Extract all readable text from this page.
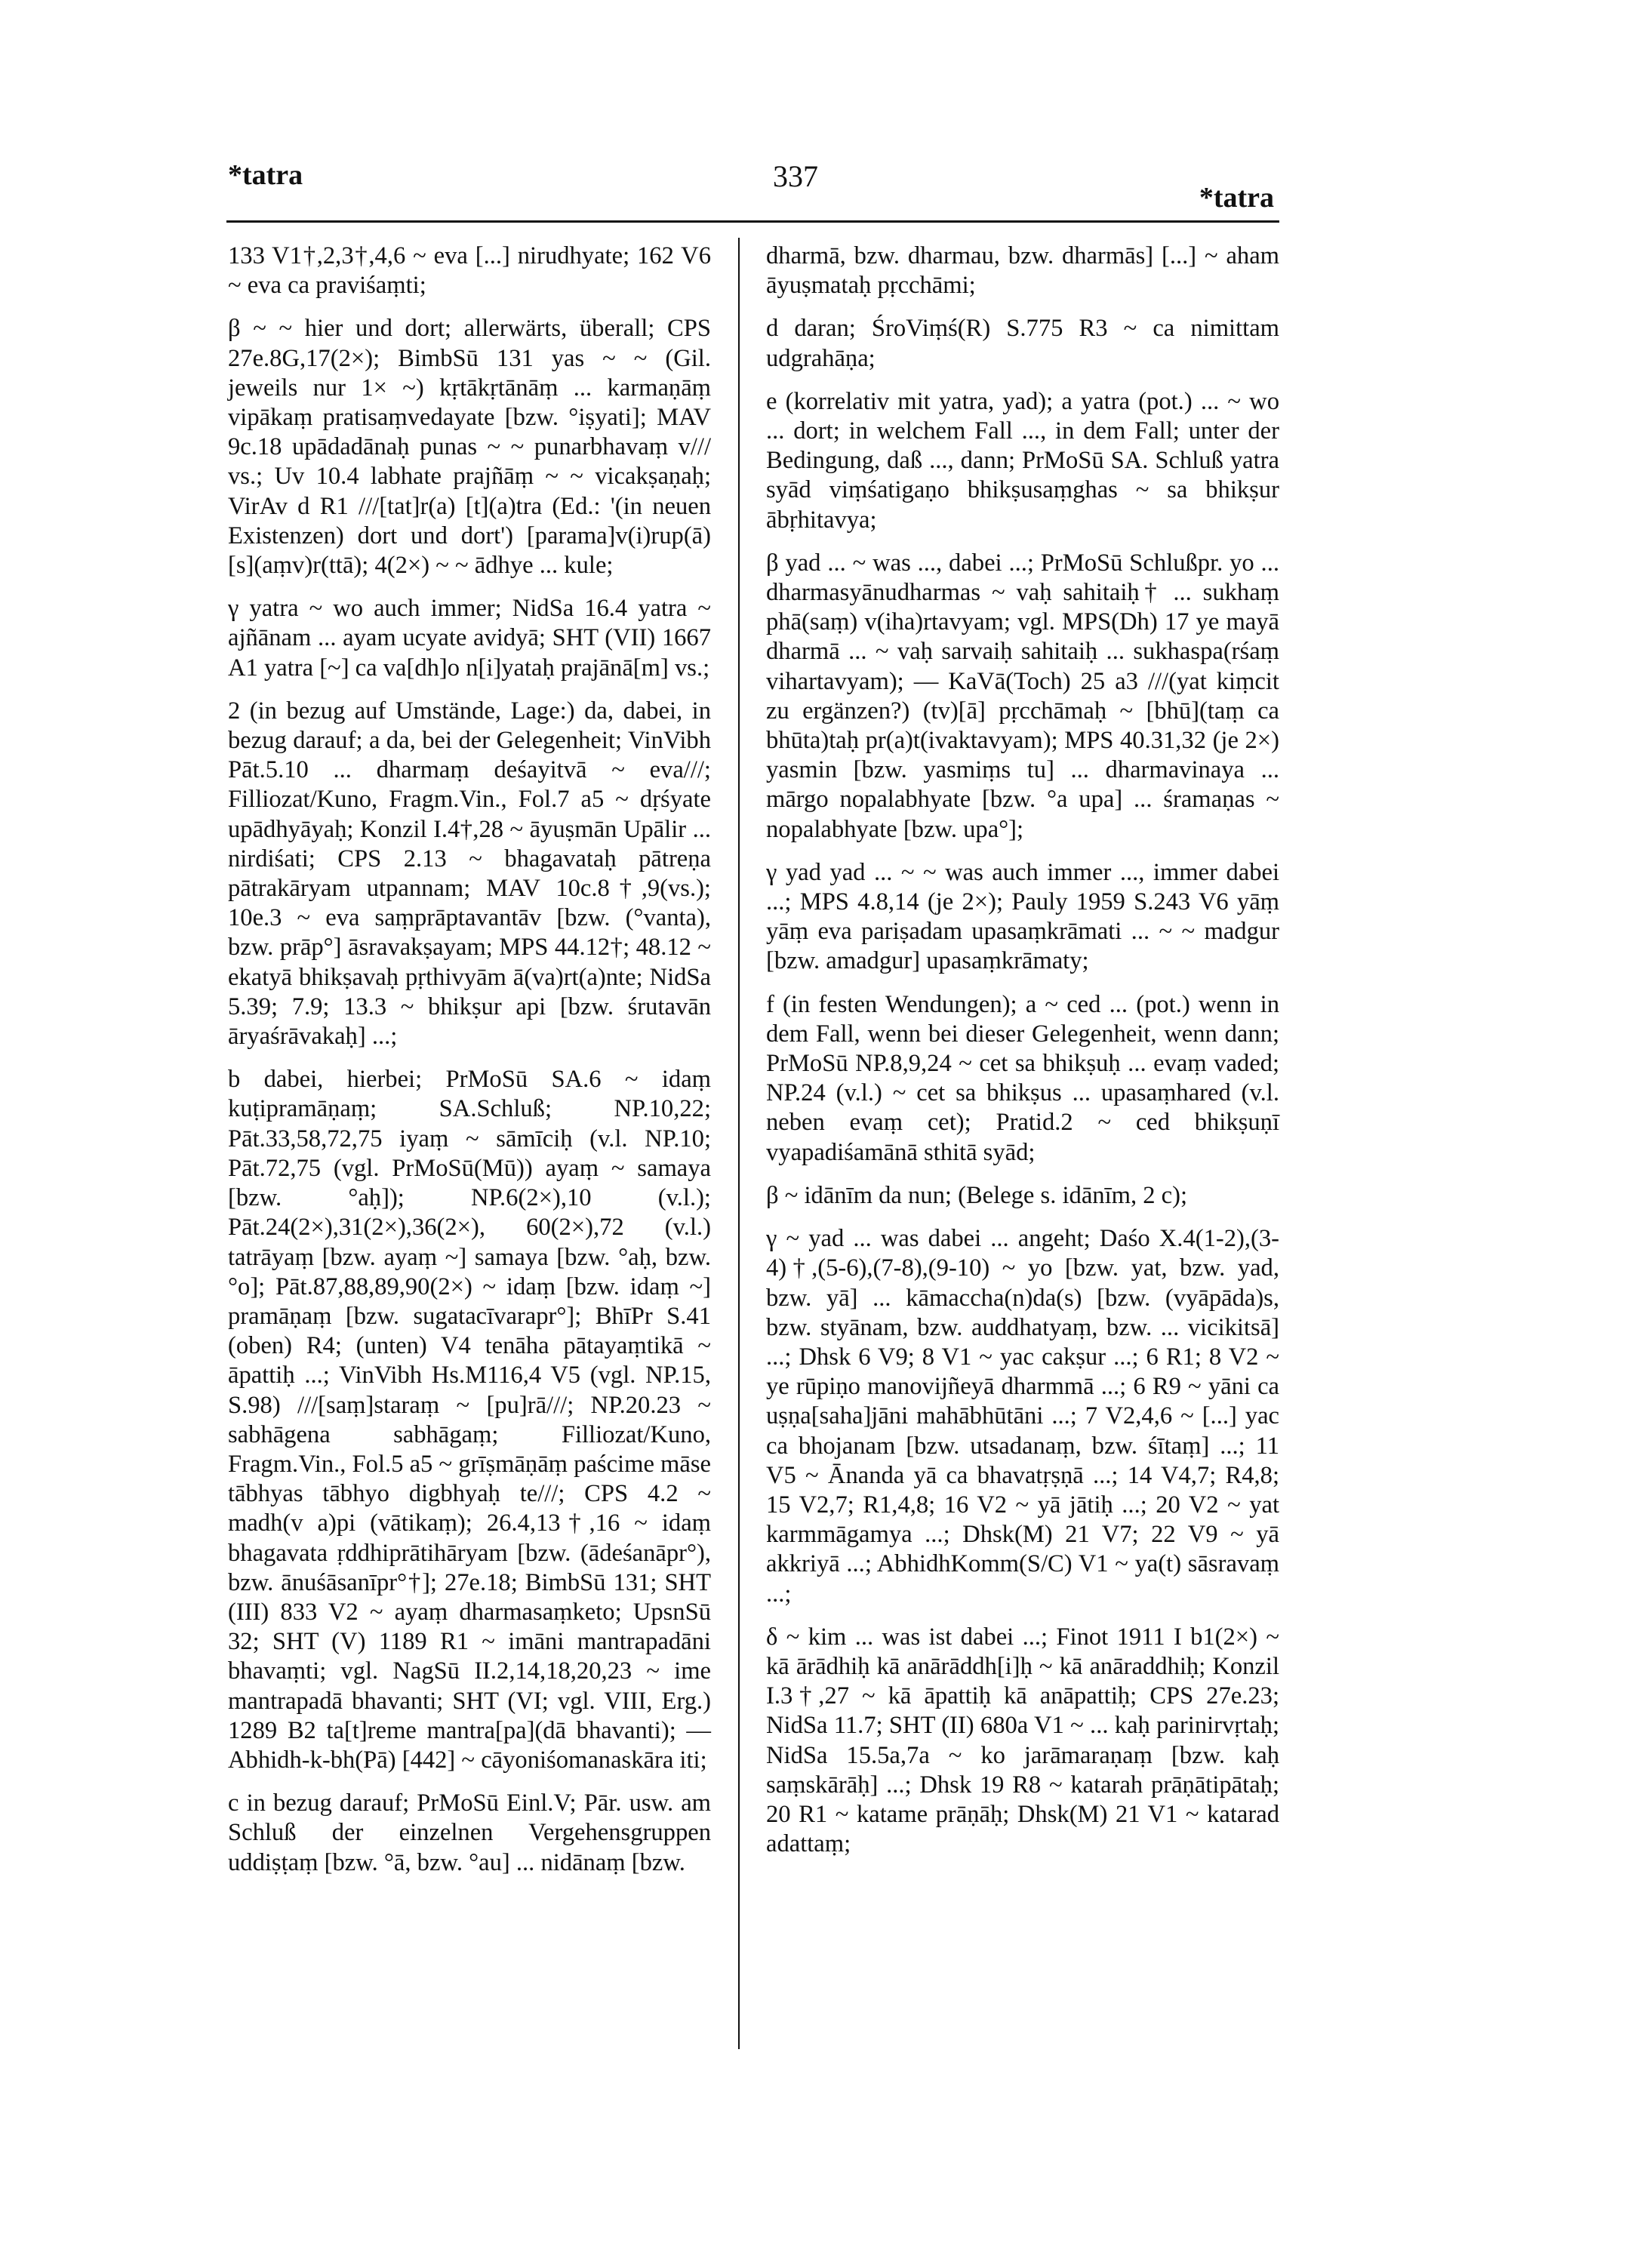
*tatra	337
*tatra

133 V1†,2,3†,4,6 ~ eva [...] nirudhyate; 162 V6 ~ eva ca praviśaṃti;

β ~ ~ hier und dort; allerwärts, überall; CPS 27e.8G,17(2×); BimbSū 131 yas ~ ~ (Gil. jeweils nur 1× ~) kṛtākṛtānāṃ ... karmaṇāṃ vipākaṃ pratisaṃvedayate [bzw. °iṣyati]; MAV 9c.18 upādadānaḥ punas ~ ~ punarbhavaṃ v/// vs.; Uv 10.4 labhate prajñāṃ ~ ~ vicakṣaṇaḥ; VirAv d R1 ///[tat]r(a) [t](a)tra (Ed.: '(in neuen Existenzen) dort und dort') [parama]v(i)rup(ā) [s](aṃv)r(ttā); 4(2×) ~ ~ ādhye ... kule;

γ yatra ~ wo auch immer; NidSa 16.4 yatra ~ ajñānam ... ayam ucyate avidyā; SHT (VII) 1667 A1 yatra [~] ca va[dh]o n[i]yataḥ prajānā[m] vs.;

2 (in bezug auf Umstände, Lage:) da, dabei, in bezug darauf; a da, bei der Gelegenheit; VinVibh Pāt.5.10 ... dharmaṃ deśayitvā ~ eva///; Filliozat/Kuno, Fragm.Vin., Fol.7 a5 ~ dṛśyate upādhyāyaḥ; Konzil I.4†,28 ~ āyuṣmān Upālir ... nirdiśati; CPS 2.13 ~ bhagavataḥ pātreṇa pātrakāryam utpannam; MAV 10c.8†,9(vs.); 10e.3 ~ eva saṃprāptavantāv [bzw. (°vanta), bzw. prāp°] āsravakṣayam; MPS 44.12†; 48.12 ~ ekatyā bhikṣavaḥ pṛthivyām ā(va)rt(a)nte; NidSa 5.39; 7.9; 13.3 ~ bhikṣur api [bzw. śrutavān āryaśrāvakaḥ] ...;

b dabei, hierbei; PrMoSū SA.6 ~ idaṃ kuṭipramāṇaṃ; SA.Schluß; NP.10,22; Pāt.33,58,72,75 iyaṃ ~ sāmīciḥ (v.l. NP.10; Pāt.72,75 (vgl. PrMoSū(Mū)) ayaṃ ~ samaya [bzw. °aḥ]); NP.6(2×),10 (v.l.); Pāt.24(2×),31(2×),36(2×), 60(2×),72 (v.l.) tatrāyaṃ [bzw. ayaṃ ~] samaya [bzw. °aḥ, bzw. °o]; Pāt.87,88,89,90(2×) ~ idaṃ [bzw. idaṃ ~] pramāṇaṃ [bzw. sugatacīvarapr°]; BhīPr S.41 (oben) R4; (unten) V4 tenāha pātayaṃtikā ~ āpattiḥ ...; VinVibh Hs.M116,4 V5 (vgl. NP.15, S.98) ///[saṃ]staraṃ ~ [pu]rā///; NP.20.23 ~ sabhāgena sabhāgaṃ; Filliozat/Kuno, Fragm.Vin., Fol.5 a5 ~ grīṣmāṇāṃ paścime māse tābhyas tābhyo digbhyaḥ te///; CPS 4.2 ~ madh(v a)pi (vātikaṃ); 26.4,13†,16 ~ idaṃ bhagavata ṛddhiprātihāryam [bzw. (ādeśanāpr°), bzw. ānuśāsanīpr°†]; 27e.18; BimbSū 131; SHT (III) 833 V2 ~ ayaṃ dharmasaṃketo; UpsnSū 32; SHT (V) 1189 R1 ~ imāni mantrapadāni bhavaṃti; vgl. NagSū II.2,14,18,20,23 ~ ime mantrapadā bhavanti; SHT (VI; vgl. VIII, Erg.) 1289 B2 ta[t]reme mantra[pa](dā bhavanti); — Abhidh-k-bh(Pā) [442] ~ cāyoniśomanaskāra iti;

c in bezug darauf; PrMoSū Einl.V; Pār. usw. am Schluß der einzelnen Vergehensgruppen uddiṣṭaṃ [bzw. °ā, bzw. °au] ... nidānaṃ [bzw.

dharmā, bzw. dharmau, bzw. dharmās] [...] ~ aham āyuṣmataḥ pṛcchāmi;

d daran; ŚroViṃś(R) S.775 R3 ~ ca nimittam udgrahāṇa;

e (korrelativ mit yatra, yad); a yatra (pot.) ... ~ wo ... dort; in welchem Fall ..., in dem Fall; unter der Bedingung, daß ..., dann; PrMoSū SA. Schluß yatra syād viṃśatigaṇo bhikṣusaṃghas ~ sa bhikṣur ābṛhitavya;

β yad ... ~ was ..., dabei ...; PrMoSū Schlußpr. yo ... dharmasyānudharmas ~ vaḥ sahitaiḥ† ... sukhaṃ phā(saṃ) v(iha)rtavyam; vgl. MPS(Dh) 17 ye mayā dharmā ... ~ vaḥ sarvaiḥ sahitaiḥ ... sukhaspa(rśaṃ vihartavyam); — KaVā(Toch) 25 a3 ///(yat kiṃcit zu ergänzen?) (tv)[ā] pṛcchāmaḥ ~ [bhū](taṃ ca bhūta)taḥ pr(a)t(ivaktavyam); MPS 40.31,32 (je 2×) yasmin [bzw. yasmiṃs tu] ... dharmavinaya ... mārgo nopalabhyate [bzw. °a upa] ... śramaṇas ~ nopalabhyate [bzw. upa°];

γ yad yad ... ~ ~ was auch immer ..., immer dabei ...; MPS 4.8,14 (je 2×); Pauly 1959 S.243 V6 yāṃ yāṃ eva pariṣadam upasaṃkrāmati ... ~ ~ madgur [bzw. amadgur] upasaṃkrāmaty;

f (in festen Wendungen); a ~ ced ... (pot.) wenn in dem Fall, wenn bei dieser Gelegenheit, wenn dann; PrMoSū NP.8,9,24 ~ cet sa bhikṣuḥ ... evaṃ vaded; NP.24 (v.l.) ~ cet sa bhikṣus ... upasaṃhared (v.l. neben evaṃ cet); Pratid.2 ~ ced bhikṣuṇī vyapadiśamānā sthitā syād;

β ~ idānīm da nun; (Belege s. idānīm, 2 c);

γ ~ yad ... was dabei ... angeht; Daśo X.4(1-2),(3-4)†,(5-6),(7-8),(9-10) ~ yo [bzw. yat, bzw. yad, bzw. yā] ... kāmaccha(n)da(s) [bzw. (vyāpāda)s, bzw. styānam, bzw. auddhatyaṃ, bzw. ... vicikitsā] ...; Dhsk 6 V9; 8 V1 ~ yac cakṣur ...; 6 R1; 8 V2 ~ ye rūpiṇo manovijñeyā dharmmā ...; 6 R9 ~ yāni ca uṣṇa[saha]jāni mahābhūtāni ...; 7 V2,4,6 ~ [...] yac ca bhojanam [bzw. utsadanaṃ, bzw. śītaṃ] ...; 11 V5 ~ Ānanda yā ca bhavatṛṣṇā ...; 14 V4,7; R4,8; 15 V2,7; R1,4,8; 16 V2 ~ yā jātiḥ ...; 20 V2 ~ yat karmmāgamya ...; Dhsk(M) 21 V7; 22 V9 ~ yā akkriyā ...; AbhidhKomm(S/C) V1 ~ ya(t) sāsravaṃ ...;

δ ~ kim ... was ist dabei ...; Finot 1911 I b1(2×) ~ kā ārādhiḥ kā anārāddh[i]ḥ ~ kā anāraddhiḥ; Konzil I.3†,27 ~ kā āpattiḥ kā anāpattiḥ; CPS 27e.23; NidSa 11.7; SHT (II) 680a V1 ~ ... kaḥ parinirvṛtaḥ; NidSa 15.5a,7a ~ ko jarāmaraṇaṃ [bzw. kaḥ saṃskārāḥ] ...; Dhsk 19 R8 ~ katarah prāṇātipātaḥ; 20 R1 ~ katame prāṇāḥ; Dhsk(M) 21 V1 ~ katarad adattaṃ;
